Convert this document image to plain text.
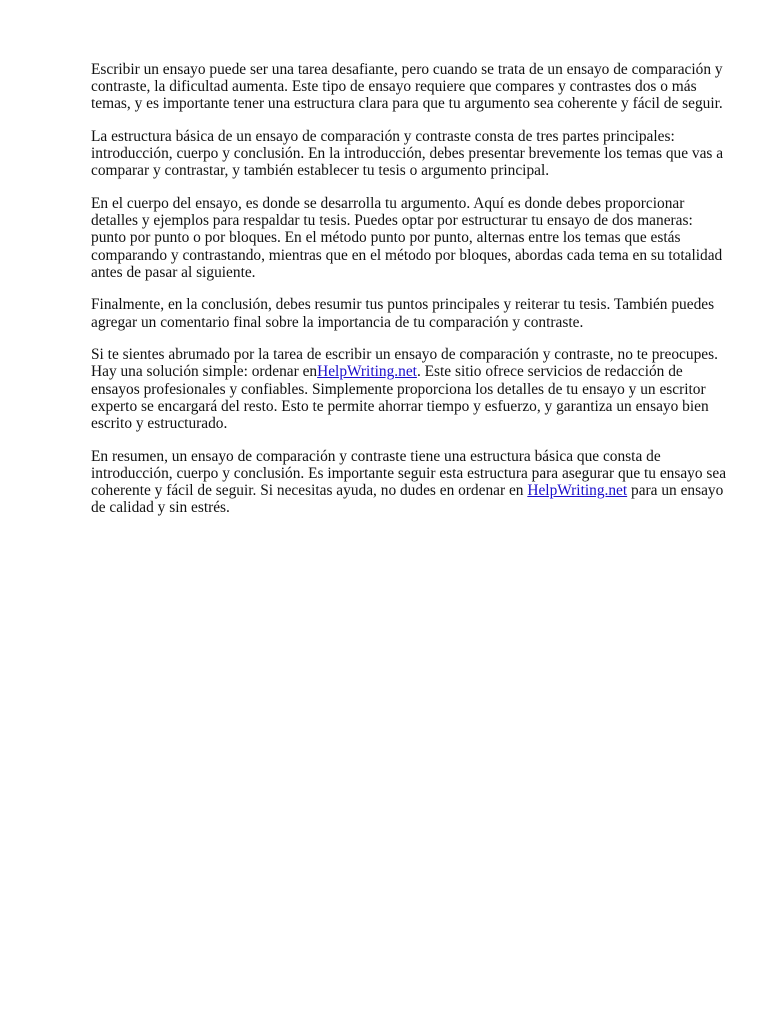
Escribir un ensayo puede ser una tarea desafiante, pero cuando se trata de un ensayo de comparación y contraste, la dificultad aumenta. Este tipo de ensayo requiere que compares y contrastes dos o más temas, y es importante tener una estructura clara para que tu argumento sea coherente y fácil de seguir.

La estructura básica de un ensayo de comparación y contraste consta de tres partes principales: introducción, cuerpo y conclusión. En la introducción, debes presentar brevemente los temas que vas a comparar y contrastar, y también establecer tu tesis o argumento principal.

En el cuerpo del ensayo, es donde se desarrolla tu argumento. Aquí es donde debes proporcionar detalles y ejemplos para respaldar tu tesis. Puedes optar por estructurar tu ensayo de dos maneras: punto por punto o por bloques. En el método punto por punto, alternas entre los temas que estás comparando y contrastando, mientras que en el método por bloques, abordas cada tema en su totalidad antes de pasar al siguiente.

Finalmente, en la conclusión, debes resumir tus puntos principales y reiterar tu tesis. También puedes agregar un comentario final sobre la importancia de tu comparación y contraste.

Si te sientes abrumado por la tarea de escribir un ensayo de comparación y contraste, no te preocupes. Hay una solución simple: ordenar enHelpWriting.net. Este sitio ofrece servicios de redacción de ensayos profesionales y confiables. Simplemente proporciona los detalles de tu ensayo y un escritor experto se encargará del resto. Esto te permite ahorrar tiempo y esfuerzo, y garantiza un ensayo bien escrito y estructurado.

En resumen, un ensayo de comparación y contraste tiene una estructura básica que consta de introducción, cuerpo y conclusión. Es importante seguir esta estructura para asegurar que tu ensayo sea coherente y fácil de seguir. Si necesitas ayuda, no dudes en ordenar en HelpWriting.net para un ensayo de calidad y sin estrés.
